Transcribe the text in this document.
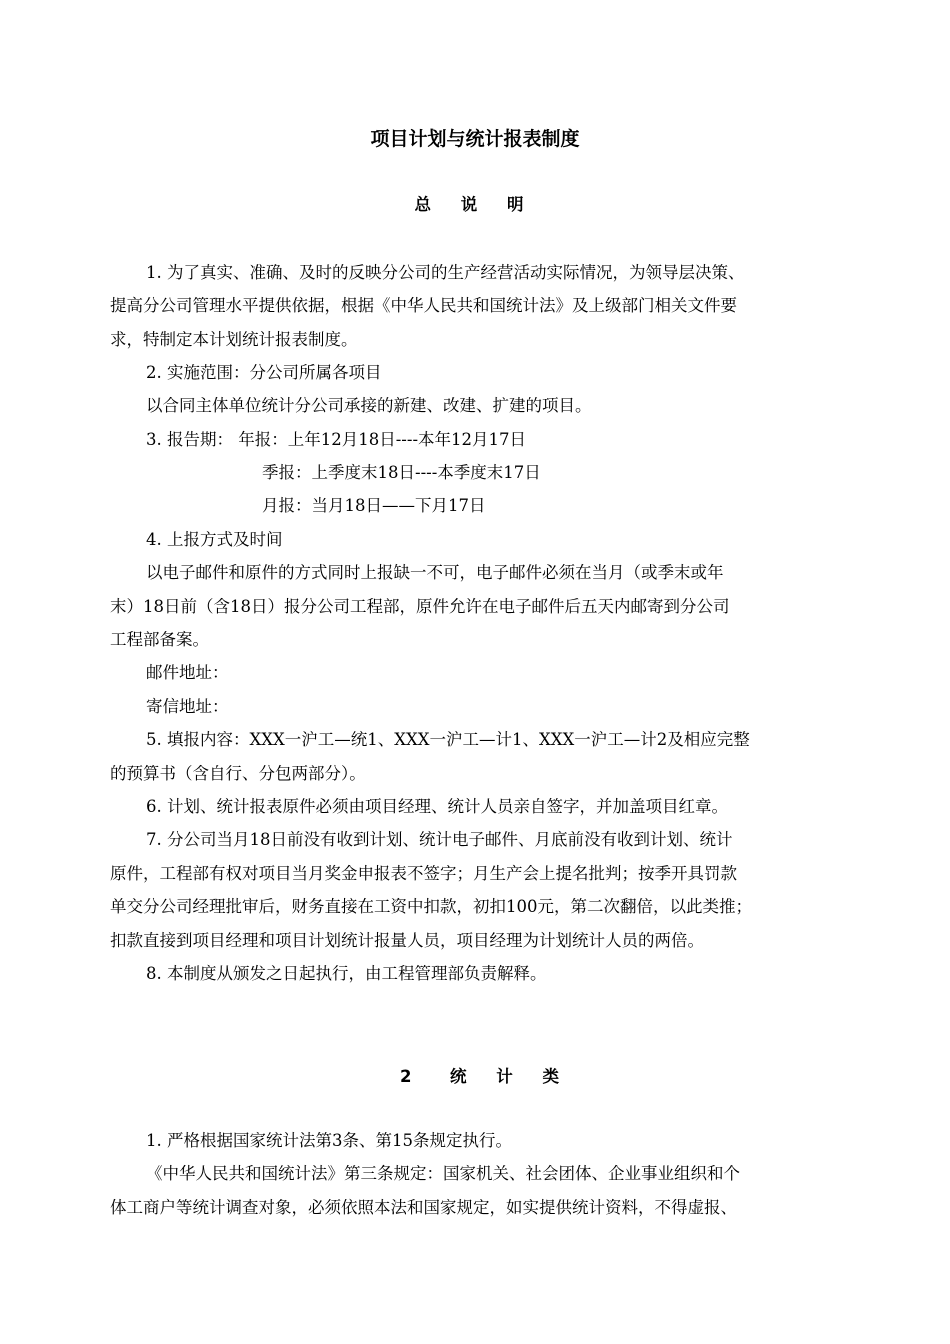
项目计划与统计报表制度
总 说 明
1. 为了真实、准确、及时的反映分公司的生产经营活动实际情况，为领导层决策、
提高分公司管理水平提供依据，根据《中华人民共和国统计法》及上级部门相关文件要
求，特制定本计划统计报表制度。
2. 实施范围：分公司所属各项目
以合同主体单位统计分公司承接的新建、改建、扩建的项目。
3. 报告期： 年报：上年12月18日----本年12月17日
季报：上季度末18日----本季度末17日
月报：当月18日——下月17日
4. 上报方式及时间
以电子邮件和原件的方式同时上报缺一不可，电子邮件必须在当月（或季末或年
末）18日前（含18日）报分公司工程部，原件允许在电子邮件后五天内邮寄到分公司
工程部备案。
邮件地址：
寄信地址：
5. 填报内容：XXX一沪工—统1、XXX一沪工—计1、XXX一沪工—计2及相应完整
的预算书（含自行、分包两部分）。
6. 计划、统计报表原件必须由项目经理、统计人员亲自签字，并加盖项目红章。
7. 分公司当月18日前没有收到计划、统计电子邮件、月底前没有收到计划、统计
原件，工程部有权对项目当月奖金申报表不签字；月生产会上提名批判；按季开具罚款
单交分公司经理批审后，财务直接在工资中扣款，初扣100元，第二次翻倍，以此类推；
扣款直接到项目经理和项目计划统计报量人员，项目经理为计划统计人员的两倍。
8. 本制度从颁发之日起执行，由工程管理部负责解释。
2 统 计 类
1. 严格根据国家统计法第3条、第15条规定执行。
《中华人民共和国统计法》第三条规定：国家机关、社会团体、企业事业组织和个
体工商户等统计调查对象，必须依照本法和国家规定，如实提供统计资料，不得虚报、
